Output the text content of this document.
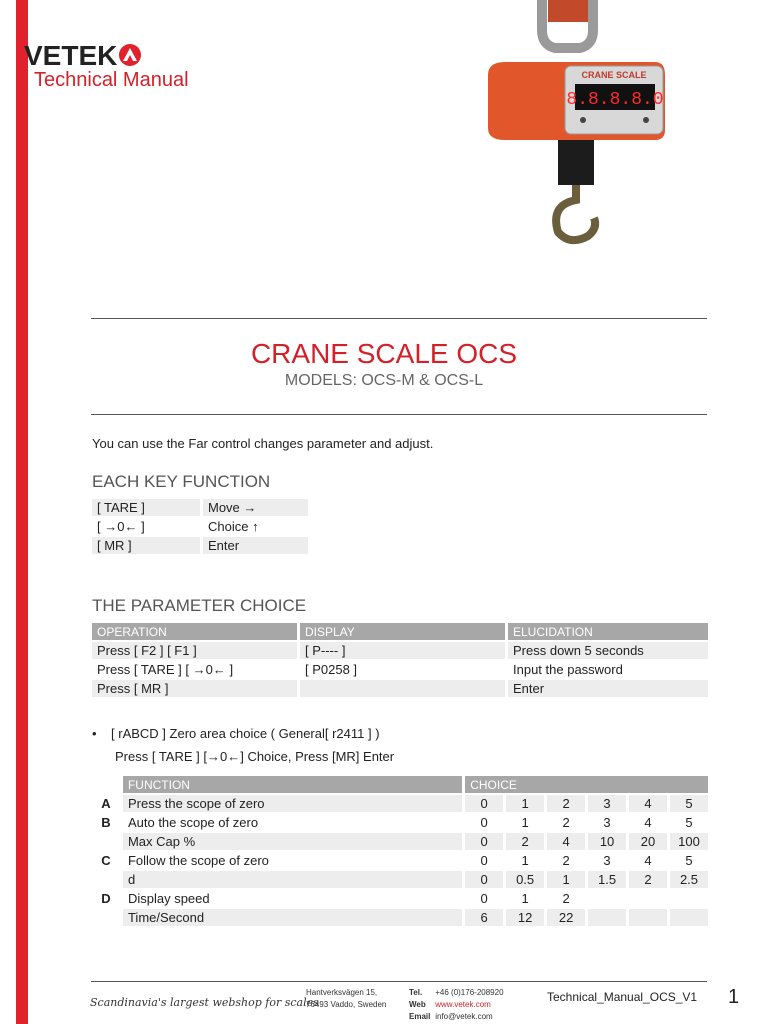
VETEK
Technical Manual	CRANE SCALE
8.8.8.8.0
CRANE SCALE OCS
MODELS: OCS-M & OCS-L
You can use the Far control changes parameter and adjust.
EACH KEY FUNCTION
[ TARE ]	Move →
[ →0← ]	Choice ↑
[ MR ]	Enter
THE PARAMETER CHOICE
OPERATION	DISPLAY	ELUCIDATION
Press [ F2 ] [ F1 ]	[ P---- ]	Press down 5 seconds
Press [ TARE ] [ →0← ]	[ P0258 ]	Input the password
Press [ MR ]		Enter
• [ rABCD ] Zero area choice ( General[ r2411 ] )
Press [ TARE ] [→0←] Choice, Press [MR] Enter
	FUNCTION	CHOICE					
A	Press the scope of zero	0	1	2	3	4	5
B	Auto the scope of zero	0	1	2	3	4	5
	Max Cap %	0	2	4	10	20	100
C	Follow the scope of zero	0	1	2	3	4	5
	d	0	0.5	1	1.5	2	2.5
D	Display speed	0	1	2			
	Time/Second	6	12	22			
Scandinavia's largest webshop for scales
Hantverksvägen 15,
76493 Vaddo, Sweden
Tel. +46 (0)176-208920
Web www.vetek.com
Email info@vetek.com
Technical_Manual_OCS_V1 1
